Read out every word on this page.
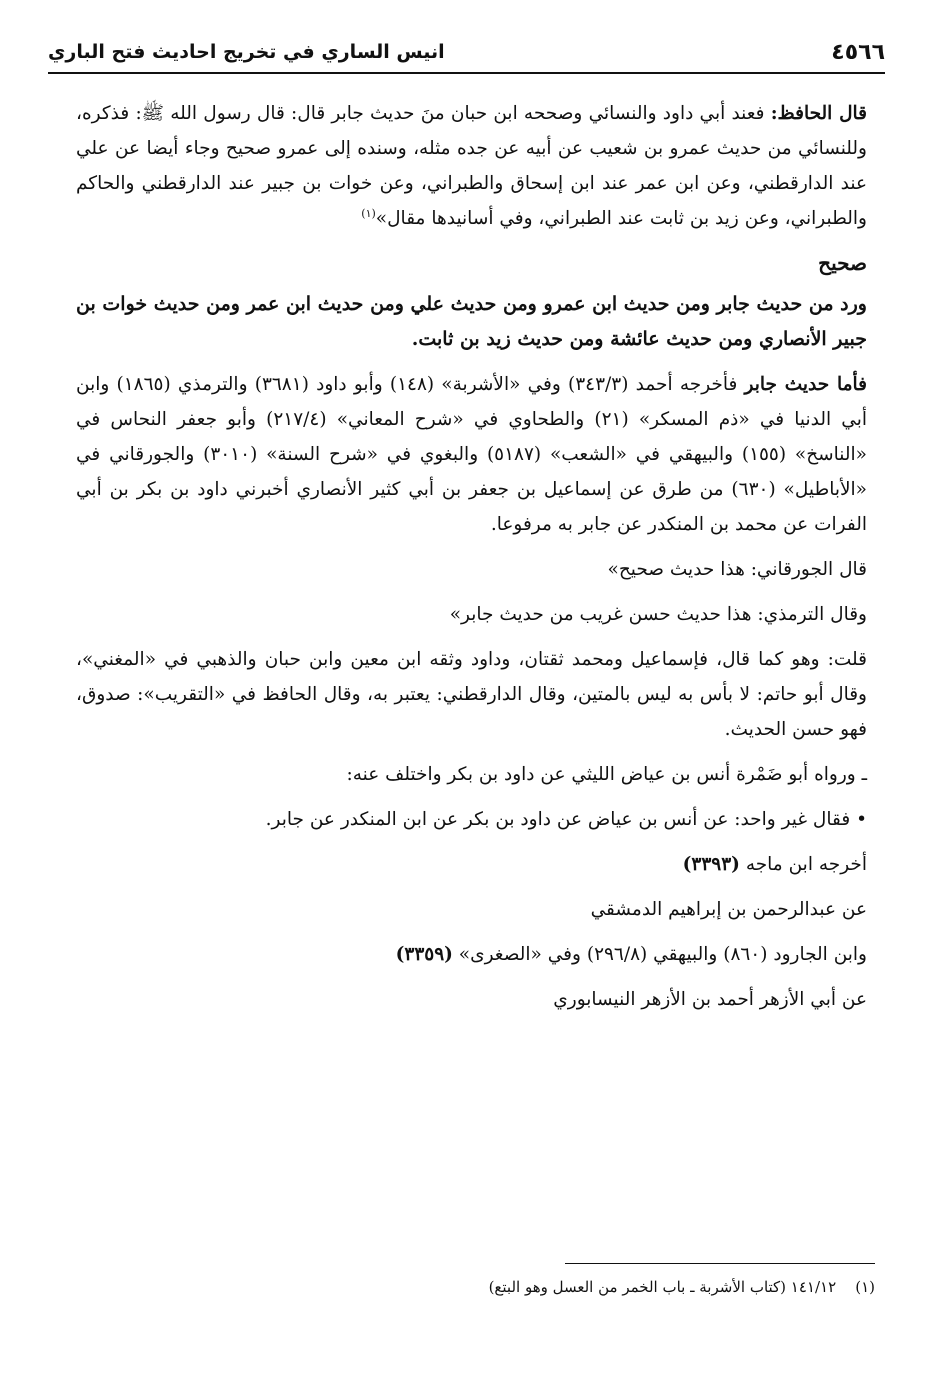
٤٥٦٦
انيس الساري في تخريج احاديث فتح الباري

قال الحافظ: فعند أبي داود والنسائي وصححه ابن حبان منَ حديث جابر قال: قال رسول الله ﷺ: فذكره، وللنسائي من حديث عمرو بن شعيب عن أبيه عن جده مثله، وسنده إلى عمرو صحيح وجاء أيضا عن علي عند الدارقطني، وعن ابن عمر عند ابن إسحاق والطبراني، وعن خوات بن جبير عند الدارقطني والحاكم والطبراني، وعن زيد بن ثابت عند الطبراني، وفي أسانيدها مقال»$^{(١)}$

صحيح

ورد من حديث جابر ومن حديث ابن عمرو ومن حديث علي ومن حديث ابن عمر ومن حديث خوات بن جبير الأنصاري ومن حديث عائشة ومن حديث زيد بن ثابت.

فأما حديث جابر فأخرجه أحمد (٣٤٣/٣) وفي «الأشربة» (١٤٨) وأبو داود (٣٦٨١) والترمذي (١٨٦٥) وابن أبي الدنيا في «ذم المسكر» (٢١) والطحاوي في «شرح المعاني» (٢١٧/٤) وأبو جعفر النحاس في «الناسخ» (١٥٥) والبيهقي في «الشعب» (٥١٨٧) والبغوي في «شرح السنة» (٣٠١٠) والجورقاني في «الأباطيل» (٦٣٠) من طرق عن إسماعيل بن جعفر بن أبي كثير الأنصاري أخبرني داود بن بكر بن أبي الفرات عن محمد بن المنكدر عن جابر به مرفوعا.

قال الجورقاني: هذا حديث صحيح»

وقال الترمذي: هذا حديث حسن غريب من حديث جابر»

قلت: وهو كما قال، فإسماعيل ومحمد ثقتان، وداود وثقه ابن معين وابن حبان والذهبي في «المغني»، وقال أبو حاتم: لا بأس به ليس بالمتين، وقال الدارقطني: يعتبر به، وقال الحافظ في «التقريب»: صدوق، فهو حسن الحديث.

ـ ورواه أبو ضَمْرة أنس بن عياض الليثي عن داود بن بكر واختلف عنه:

• فقال غير واحد: عن أنس بن عياض عن داود بن بكر عن ابن المنكدر عن جابر.

أخرجه ابن ماجه (٣٣٩٣)

عن عبدالرحمن بن إبراهيم الدمشقي

وابن الجارود (٨٦٠) والبيهقي (٢٩٦/٨) وفي «الصغرى» (٣٣٥٩)

عن أبي الأزهر أحمد بن الأزهر النيسابوري

(١)    ١٤١/١٢ (كتاب الأشربة ـ باب الخمر من العسل وهو البتع)
